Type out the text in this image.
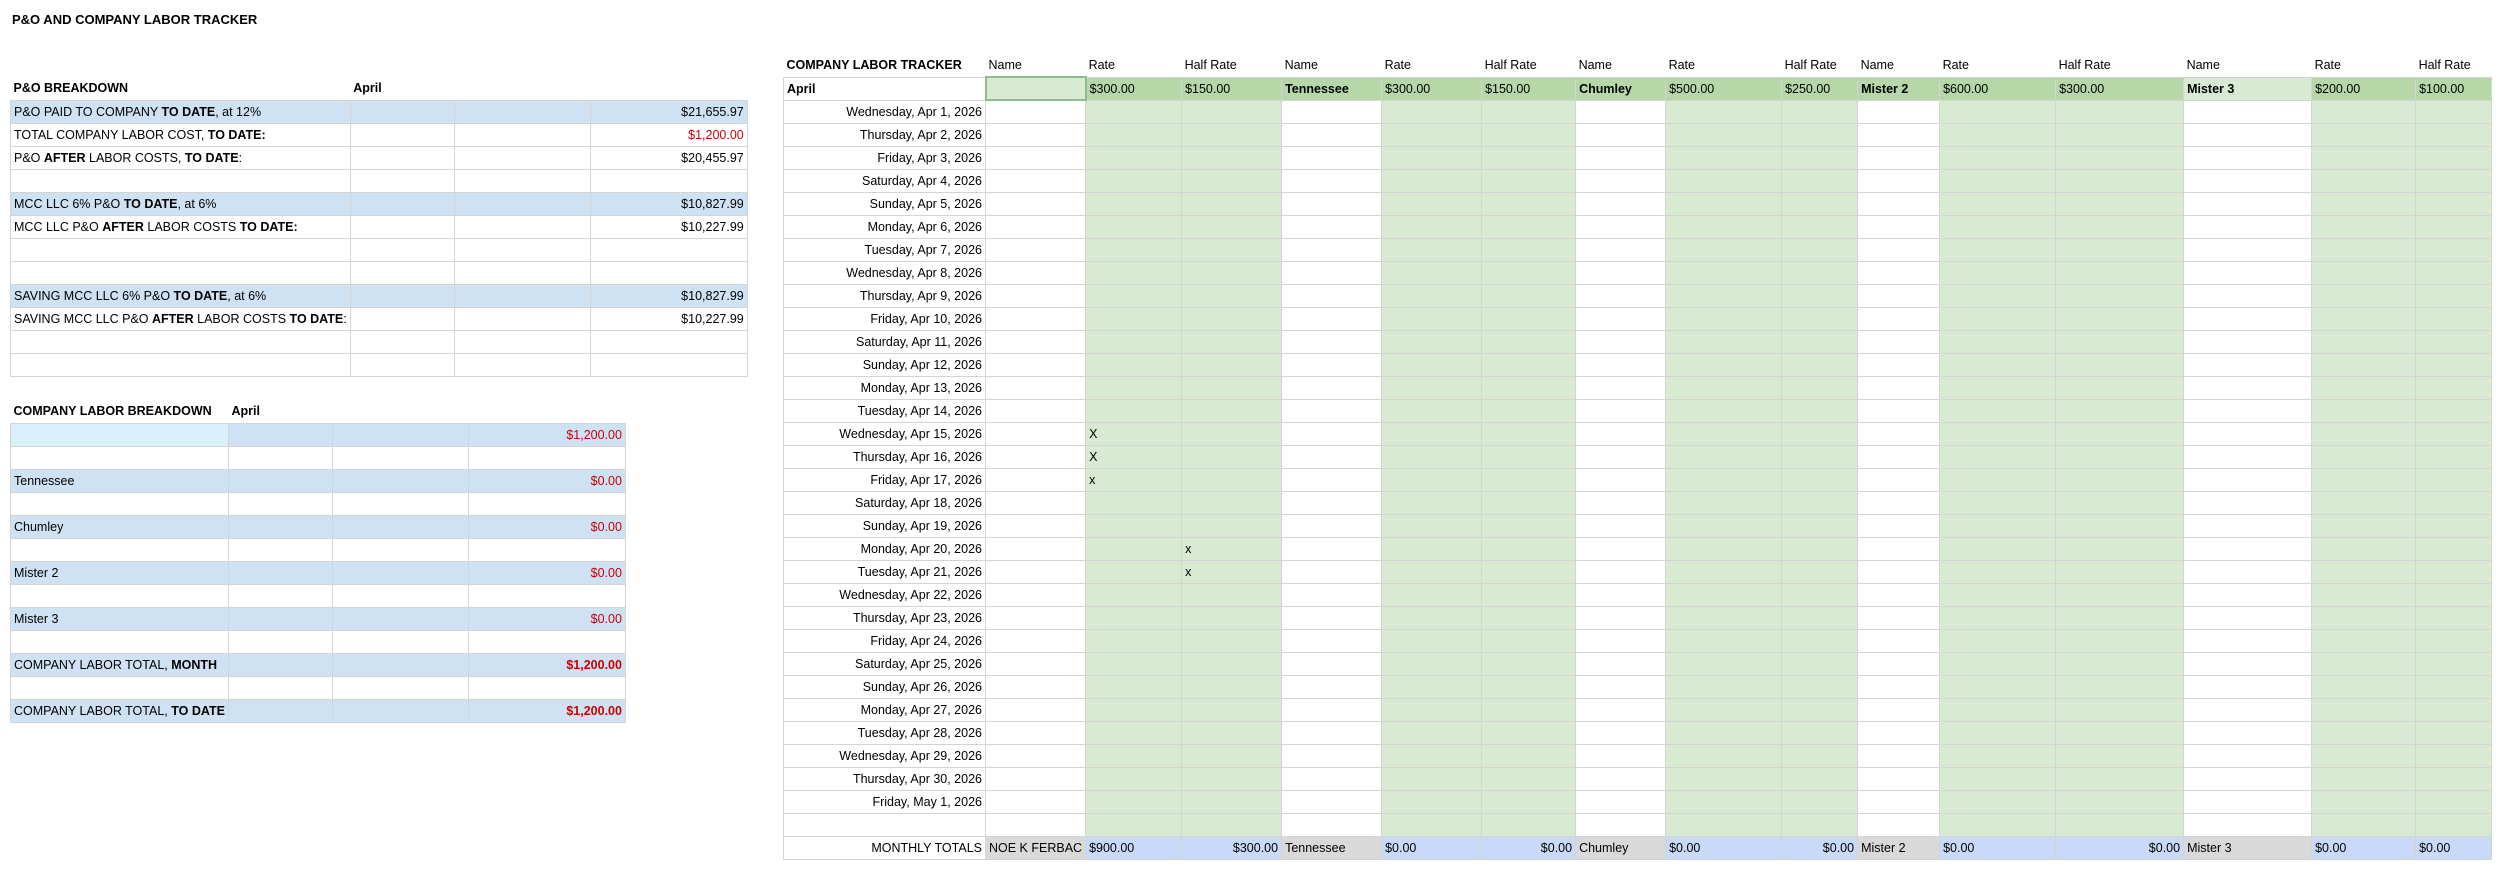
P&O AND COMPANY LABOR TRACKER
P&O BREAKDOWN	April		
P&O PAID TO COMPANY TO DATE, at 12%			$21,655.97
TOTAL COMPANY LABOR COST, TO DATE:			$1,200.00
P&O AFTER LABOR COSTS, TO DATE:			$20,455.97

MCC LLC 6% P&O TO DATE, at 6%			$10,827.99
MCC LLC P&O AFTER LABOR COSTS TO DATE:			$10,227.99

SAVING MCC LLC 6% P&O TO DATE, at 6%			$10,827.99
SAVING MCC LLC P&O AFTER LABOR COSTS TO DATE:			$10,227.99

COMPANY LABOR BREAKDOWN	April		
			$1,200.00

Tennessee			$0.00

Chumley			$0.00

Mister 2			$0.00

Mister 3			$0.00

COMPANY LABOR TOTAL, MONTH			$1,200.00

COMPANY LABOR TOTAL, TO DATE			$1,200.00
COMPANY LABOR TRACKER	Name	Rate	Half Rate	Name	Rate	Half Rate	Name	Rate	Half Rate	Name	Rate	Half Rate	Name	Rate	Half Rate
April		$300.00	$150.00	Tennessee	$300.00	$150.00	Chumley	$500.00	$250.00	Mister 2	$600.00	$300.00	Mister 3	$200.00	$100.00
Wednesday, Apr 1, 2026															
Thursday, Apr 2, 2026															
Friday, Apr 3, 2026															
Saturday, Apr 4, 2026															
Sunday, Apr 5, 2026															
Monday, Apr 6, 2026															
Tuesday, Apr 7, 2026															
Wednesday, Apr 8, 2026															
Thursday, Apr 9, 2026															
Friday, Apr 10, 2026															
Saturday, Apr 11, 2026															
Sunday, Apr 12, 2026															
Monday, Apr 13, 2026															
Tuesday, Apr 14, 2026															
Wednesday, Apr 15, 2026		X													
Thursday, Apr 16, 2026		X													
Friday, Apr 17, 2026		x													
Saturday, Apr 18, 2026															
Sunday, Apr 19, 2026															
Monday, Apr 20, 2026			x												
Tuesday, Apr 21, 2026			x												
Wednesday, Apr 22, 2026															
Thursday, Apr 23, 2026															
Friday, Apr 24, 2026															
Saturday, Apr 25, 2026															
Sunday, Apr 26, 2026															
Monday, Apr 27, 2026															
Tuesday, Apr 28, 2026															
Wednesday, Apr 29, 2026															
Thursday, Apr 30, 2026															
Friday, May 1, 2026															

MONTHLY TOTALS	NOE K FERBAC	$900.00	$300.00	Tennessee	$0.00	$0.00	Chumley	$0.00	$0.00	Mister 2	$0.00	$0.00	Mister 3	$0.00	$0.00
